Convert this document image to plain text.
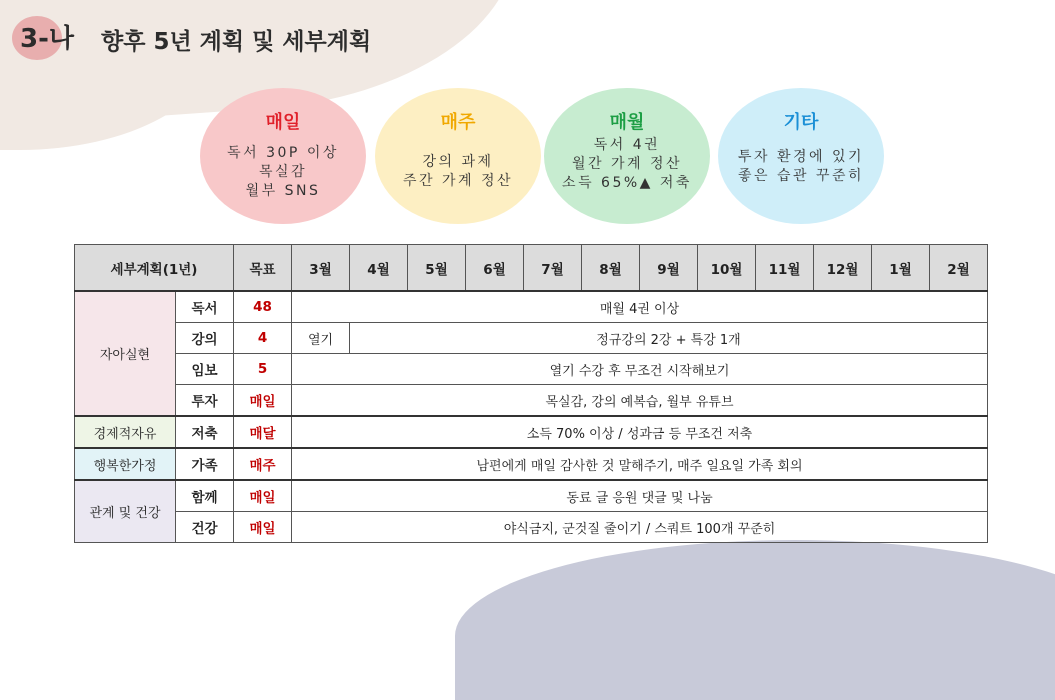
3-나 향후 5년 계획 및 세부계획
매일
독서 30P 이상
목실감
월부 SNS
매주
강의 과제
주간 가계 정산
매월
독서 4권
월간 가계 정산
소득 65%▲ 저축
기타
투자 환경에 있기
좋은 습관 꾸준히
세부계획(1년)		목표	3월	4월	5월	6월	7월	8월	9월	10월	11월	12월	1월	2월
자아실현	독서	48	매월 4권 이상											
	강의	4	열기	정규강의 2강 + 특강 1개										
	임보	5	열기 수강 후 무조건 시작해보기											
	투자	매일	목실감, 강의 예복습, 월부 유튜브											
경제적자유	저축	매달	소득 70% 이상 / 성과금 등 무조건 저축											
행복한가정	가족	매주	남편에게 매일 감사한 것 말해주기, 매주 일요일 가족 회의											
관계 및 건강	함께	매일	동료 글 응원 댓글 및 나눔											
	건강	매일	야식금지, 군것질 줄이기 / 스쿼트 100개 꾸준히											
